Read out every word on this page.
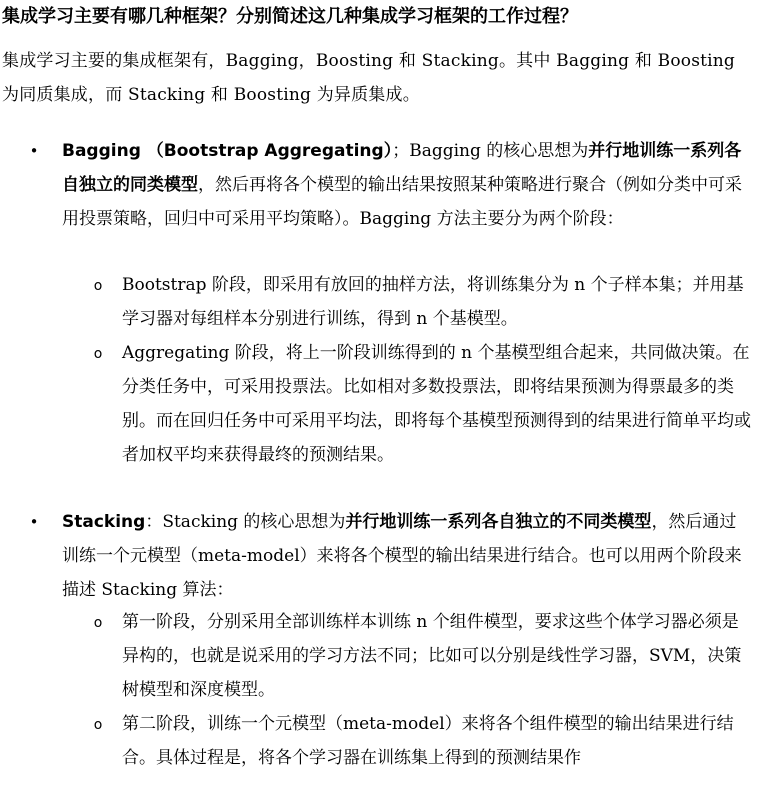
集成学习主要有哪几种框架？分别简述这几种集成学习框架的工作过程？

集成学习主要的集成框架有，Bagging，Boosting 和 Stacking。其中 Bagging 和 Boosting 为同质集成，而 Stacking 和 Boosting 为异质集成。

• Bagging （Bootstrap Aggregating）；Bagging 的核心思想为并行地训练一系列各自独立的同类模型，然后再将各个模型的输出结果按照某种策略进行聚合（例如分类中可采用投票策略，回归中可采用平均策略）。Bagging 方法主要分为两个阶段：
o Bootstrap 阶段，即采用有放回的抽样方法，将训练集分为 n 个子样本集；并用基学习器对每组样本分别进行训练，得到 n 个基模型。
o Aggregating 阶段，将上一阶段训练得到的 n 个基模型组合起来，共同做决策。在分类任务中，可采用投票法。比如相对多数投票法，即将结果预测为得票最多的类别。而在回归任务中可采用平均法，即将每个基模型预测得到的结果进行简单平均或者加权平均来获得最终的预测结果。
• Stacking：Stacking 的核心思想为并行地训练一系列各自独立的不同类模型，然后通过训练一个元模型（meta-model）来将各个模型的输出结果进行结合。也可以用两个阶段来描述 Stacking 算法：
o 第一阶段，分别采用全部训练样本训练 n 个组件模型，要求这些个体学习器必须是异构的，也就是说采用的学习方法不同；比如可以分别是线性学习器，SVM，决策树模型和深度模型。
o 第二阶段，训练一个元模型（meta-model）来将各个组件模型的输出结果进行结合。具体过程是，将各个学习器在训练集上得到的预测结果作
